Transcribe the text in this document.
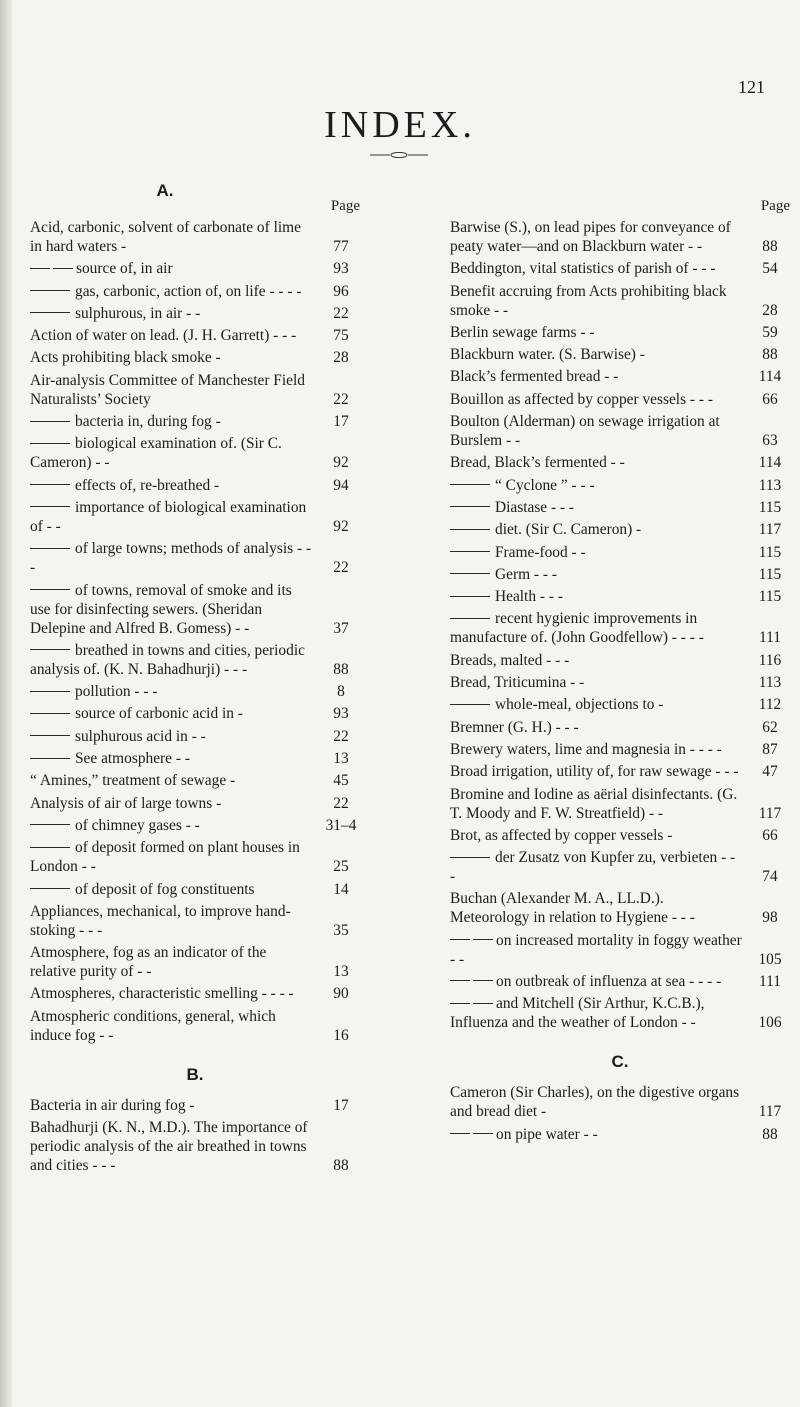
121
INDEX.
A.
Page
Acid, carbonic, solvent of carbonate of lime in hard waters -	77
source of, in air	93
gas, carbonic, action of, on life - - - -	96
sulphurous, in air - -	22
Action of water on lead. (J. H. Garrett) - - -	75
Acts prohibiting black smoke -	28
Air-analysis Committee of Manchester Field Naturalists’ Society	22
bacteria in, during fog -	17
biological examination of. (Sir C. Cameron) - -	92
effects of, re-breathed -	94
importance of biological examination of - -	92
of large towns; methods of analysis - - -	22
of towns, removal of smoke and its use for disinfecting sewers. (Sheridan Delepine and Alfred B. Gomess) - -	37
breathed in towns and cities, periodic analysis of. (K. N. Bahadhurji) - - -	88
pollution - - -	8
source of carbonic acid in -	93
sulphurous acid in - -	22
See atmosphere - -	13
“ Amines,” treatment of sewage -	45
Analysis of air of large towns -	22
of chimney gases - -	31–4
of deposit formed on plant houses in London - -	25
of deposit of fog constituents	14
Appliances, mechanical, to improve hand-stoking - - -	35
Atmosphere, fog as an indicator of the relative purity of - -	13
Atmospheres, characteristic smelling - - - -	90
Atmospheric conditions, general, which induce fog - -	16
B.
Bacteria in air during fog -	17
Bahadhurji (K. N., M.D.). The importance of periodic analysis of the air breathed in towns and cities - - -	88
Page
Barwise (S.), on lead pipes for conveyance of peaty water—and on Blackburn water - -	88
Beddington, vital statistics of parish of - - -	54
Benefit accruing from Acts prohibiting black smoke - -	28
Berlin sewage farms - -	59
Blackburn water. (S. Barwise) -	88
Black’s fermented bread - -	114
Bouillon as affected by copper vessels - - -	66
Boulton (Alderman) on sewage irrigation at Burslem - -	63
Bread, Black’s fermented - -	114
“ Cyclone ” - - -	113
Diastase - - -	115
diet. (Sir C. Cameron) -	117
Frame-food - -	115
Germ - - -	115
Health - - -	115
recent hygienic improvements in manufacture of. (John Goodfellow) - - - -	111
Breads, malted - - -	116
Bread, Triticumina - -	113
whole-meal, objections to -	112
Bremner (G. H.) - - -	62
Brewery waters, lime and magnesia in - - - -	87
Broad irrigation, utility of, for raw sewage - - -	47
Bromine and Iodine as aërial disinfectants. (G. T. Moody and F. W. Streatfield) - -	117
Brot, as affected by copper vessels -	66
der Zusatz von Kupfer zu, verbieten - - -	74
Buchan (Alexander M. A., LL.D.). Meteorology in relation to Hygiene - - -	98
on increased mortality in foggy weather - -	105
on outbreak of influenza at sea - - - -	111
and Mitchell (Sir Arthur, K.C.B.), Influenza and the weather of London - -	106
C.
Cameron (Sir Charles), on the digestive organs and bread diet -	117
on pipe water - -	88
